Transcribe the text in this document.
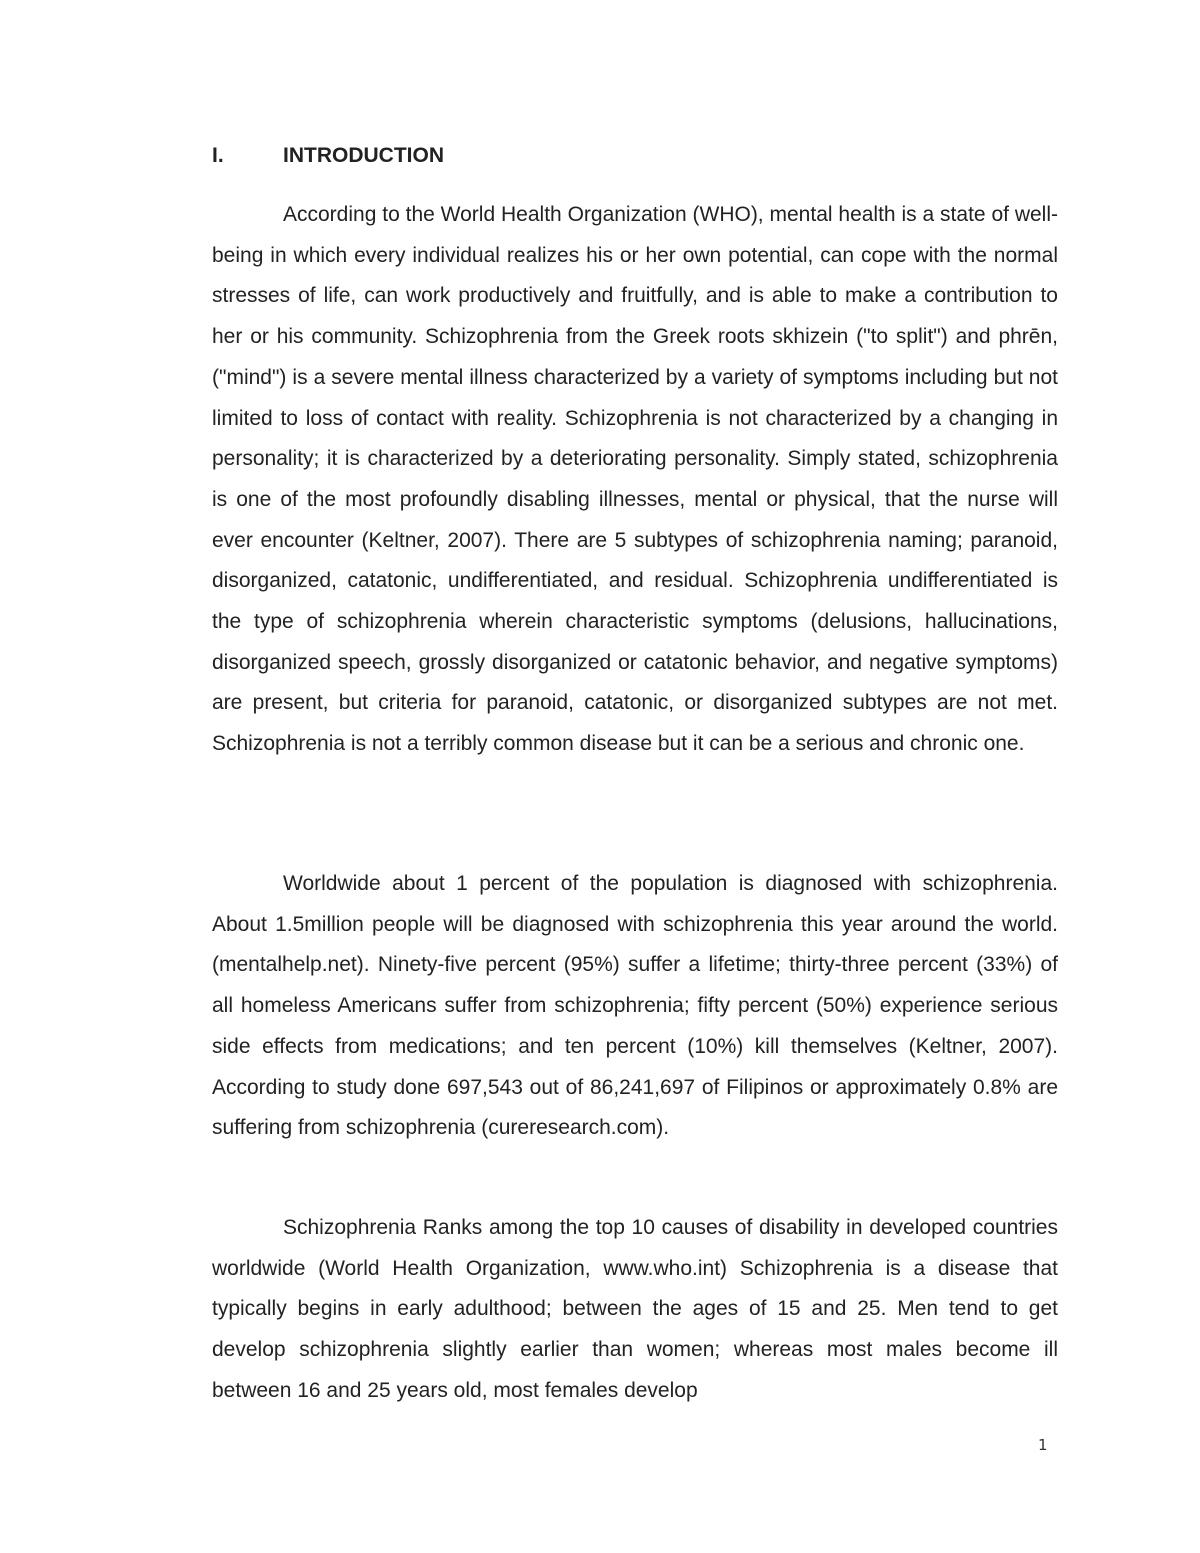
I.	INTRODUCTION

According to the World Health Organization (WHO), mental health is a state of well-being in which every individual realizes his or her own potential, can cope with the normal stresses of life, can work productively and fruitfully, and is able to make a contribution to her or his community. Schizophrenia from the Greek roots skhizein ("to split") and phrēn, ("mind") is a severe mental illness characterized by a variety of symptoms including but not limited to loss of contact with reality. Schizophrenia is not characterized by a changing in personality; it is characterized by a deteriorating personality. Simply stated, schizophrenia is one of the most profoundly disabling illnesses, mental or physical, that the nurse will ever encounter (Keltner, 2007). There are 5 subtypes of schizophrenia naming; paranoid, disorganized, catatonic, undifferentiated, and residual. Schizophrenia undifferentiated is the type of schizophrenia wherein characteristic symptoms (delusions, hallucinations, disorganized speech, grossly disorganized or catatonic behavior, and negative symptoms) are present, but criteria for paranoid, catatonic, or disorganized subtypes are not met. Schizophrenia is not a terribly common disease but it can be a serious and chronic one.

Worldwide about 1 percent of the population is diagnosed with schizophrenia. About 1.5million people will be diagnosed with schizophrenia this year around the world. (mentalhelp.net). Ninety-five percent (95%) suffer a lifetime; thirty-three percent (33%) of all homeless Americans suffer from schizophrenia; fifty percent (50%) experience serious side effects from medications; and ten percent (10%) kill themselves (Keltner, 2007). According to study done 697,543 out of 86,241,697 of Filipinos or approximately 0.8% are suffering from schizophrenia (cureresearch.com).

Schizophrenia Ranks among the top 10 causes of disability in developed countries worldwide (World Health Organization, www.who.int) Schizophrenia is a disease that typically begins in early adulthood; between the ages of 15 and 25. Men tend to get develop schizophrenia slightly earlier than women; whereas most males become ill between 16 and 25 years old, most females develop

1
